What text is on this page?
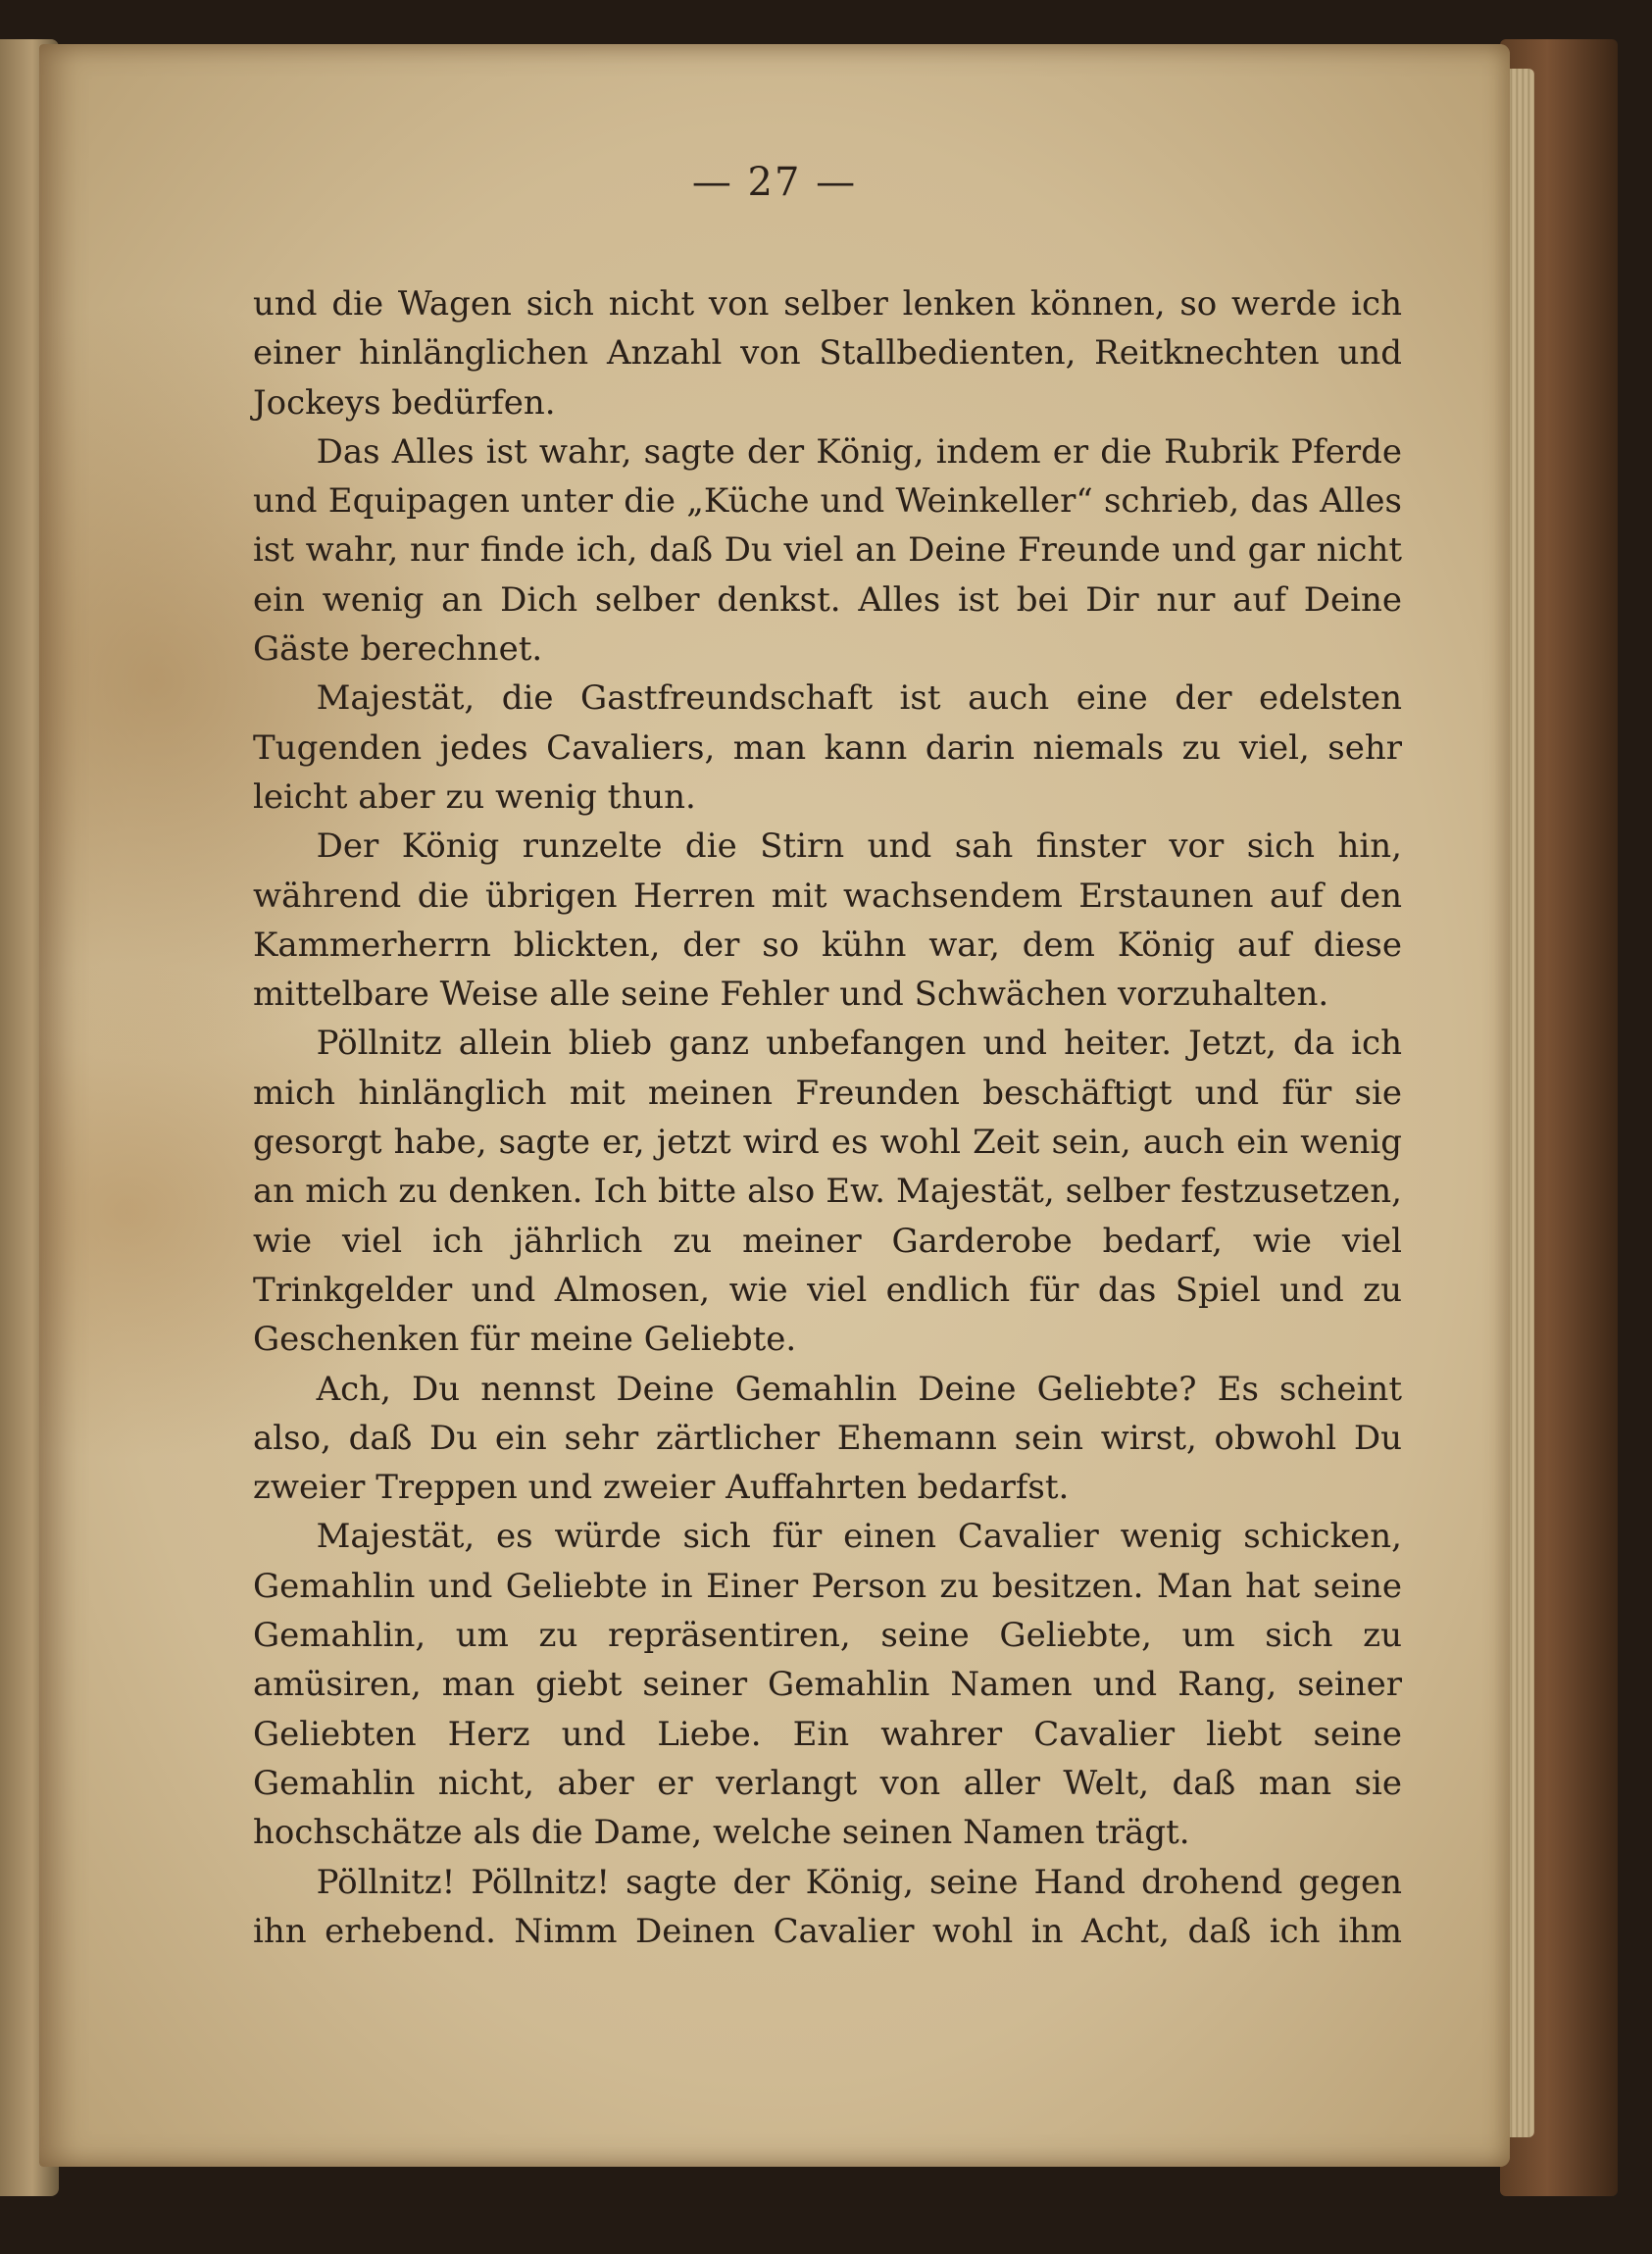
— 27 —

und die Wagen sich nicht von selber lenken können, so werde ich einer hinlänglichen Anzahl von Stallbedienten, Reitknechten und Jockeys bedürfen.

Das Alles ist wahr, sagte der König, indem er die Rubrik Pferde und Equipagen unter die „Küche und Weinkeller“ schrieb, das Alles ist wahr, nur finde ich, daß Du viel an Deine Freunde und gar nicht ein wenig an Dich selber denkst. Alles ist bei Dir nur auf Deine Gäste berechnet.

Majestät, die Gastfreundschaft ist auch eine der edelsten Tugenden jedes Cavaliers, man kann darin niemals zu viel, sehr leicht aber zu wenig thun.

Der König runzelte die Stirn und sah finster vor sich hin, während die übrigen Herren mit wachsendem Erstaunen auf den Kammerherrn blickten, der so kühn war, dem König auf diese mittelbare Weise alle seine Fehler und Schwächen vorzuhalten.

Pöllnitz allein blieb ganz unbefangen und heiter. Jetzt, da ich mich hinlänglich mit meinen Freunden beschäftigt und für sie gesorgt habe, sagte er, jetzt wird es wohl Zeit sein, auch ein wenig an mich zu denken. Ich bitte also Ew. Majestät, selber festzusetzen, wie viel ich jährlich zu meiner Garderobe bedarf, wie viel Trinkgelder und Almosen, wie viel endlich für das Spiel und zu Geschenken für meine Geliebte.

Ach, Du nennst Deine Gemahlin Deine Geliebte? Es scheint also, daß Du ein sehr zärtlicher Ehemann sein wirst, obwohl Du zweier Treppen und zweier Auffahrten bedarfst.

Majestät, es würde sich für einen Cavalier wenig schicken, Gemahlin und Geliebte in Einer Person zu besitzen. Man hat seine Gemahlin, um zu repräsentiren, seine Geliebte, um sich zu amüsiren, man giebt seiner Gemahlin Namen und Rang, seiner Geliebten Herz und Liebe. Ein wahrer Cavalier liebt seine Gemahlin nicht, aber er verlangt von aller Welt, daß man sie hochschätze als die Dame, welche seinen Namen trägt.

Pöllnitz! Pöllnitz! sagte der König, seine Hand drohend gegen ihn erhebend. Nimm Deinen Cavalier wohl in Acht, daß ich ihm
